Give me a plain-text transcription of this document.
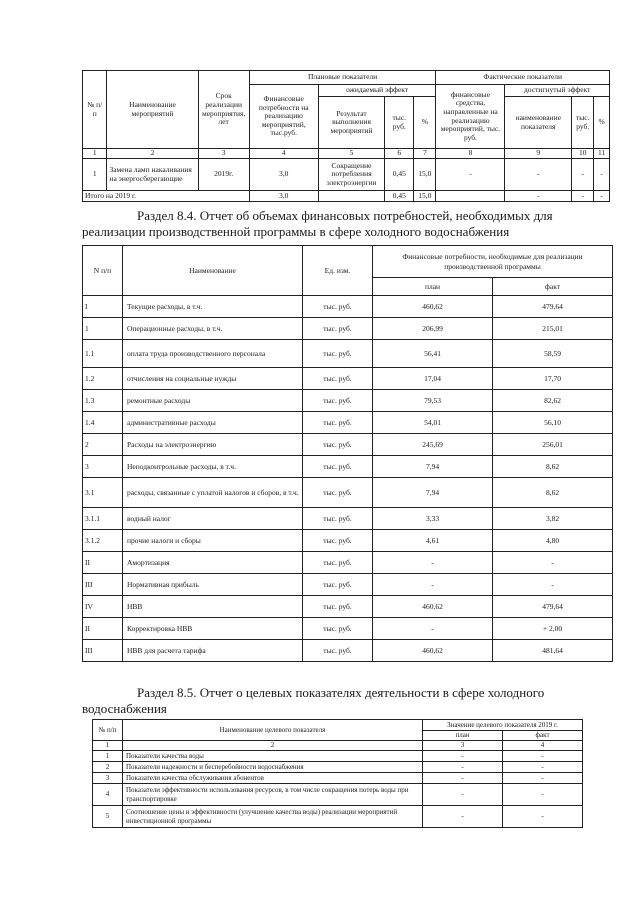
№ п/ п	Наименование мероприятий	Срок реализации мероприятия, лет	Плановые показатели				Фактические показатели			
			Финансовые потребности на реализацию мероприятий, тыс.руб.	ожидаемый эффект			финансовые средства, направленные на реализацию мероприятий, тыс. руб.	достигнутый эффект		
				Результат выполнения мероприятий	тыс. руб.	%		наименование показателя	тыс. руб.	%
1	2	3	4	5	6	7	8	9	10	11
1	Замена ламп накаливания на энергосберегающие	2019г.	3,0	Сокращение потребления электроэнергии	0,45	15,0	-	-	-	-
Итого на 2019 г.			3,0		0,45	15,0		-	-	-

Раздел 8.4. Отчет об объемах финансовых потребностей, необходимых для реализации производственной программы в сфере холодного водоснабжения

N п/п	Наименование	Ед. изм.	Финансовые потребности, необходимые для реализации производственной программы	
			план	факт
I	Текущие расходы, в т.ч.	тыс. руб.	460,62	479,64
1	Операционные расходы, в т.ч.	тыс. руб.	206,99	215,01
1.1	оплата труда производственного персонала	тыс. руб.	56,41	58,59
1.2	отчисления на социальные нужды	тыс. руб.	17,04	17,70
1.3	ремонтные расходы	тыс. руб.	79,53	82,62
1.4	административные расходы	тыс. руб.	54,01	56,10
2	Расходы на электроэнергию	тыс. руб.	245,69	256,01
3	Неподконтрольные расходы, в т.ч.	тыс. руб.	7,94	8,62
3.1	расходы, связанные с уплатой налогов и сборов, в т.ч.	тыс. руб.	7,94	8,62
3.1.1	водный налог	тыс. руб.	3,33	3,82
3.1.2	прочие налоги и сборы	тыс. руб.	4,61	4,80
II	Амортизация	тыс. руб.	-	-
III	Нормативная прибыль	тыс. руб.	-	-
IV	НВВ	тыс. руб.	460,62	479,64
II	Корректировка НВВ	тыс. руб.	-	+ 2,00
III	НВВ для расчета тарифа	тыс. руб.	460,62	481,64

Раздел 8.5. Отчет о целевых показателях деятельности в сфере холодного водоснабжения

№ п/п	Наименование целевого показателя	Значение целевого показателя 2019 г.	
		план	факт
1	2	3	4
1	Показатели качества воды	-	-
2	Показатели надежности и бесперебойности водоснабжения	-	-
3	Показатели качества обслуживания абонентов	-	-
4	Показатели эффективности использования ресурсов, в том числе сокращения потерь воды при транспортировке	-	-
5	Соотношение цены и эффективности (улучшение качества воды) реализации мероприятий инвестиционной программы	-	-
